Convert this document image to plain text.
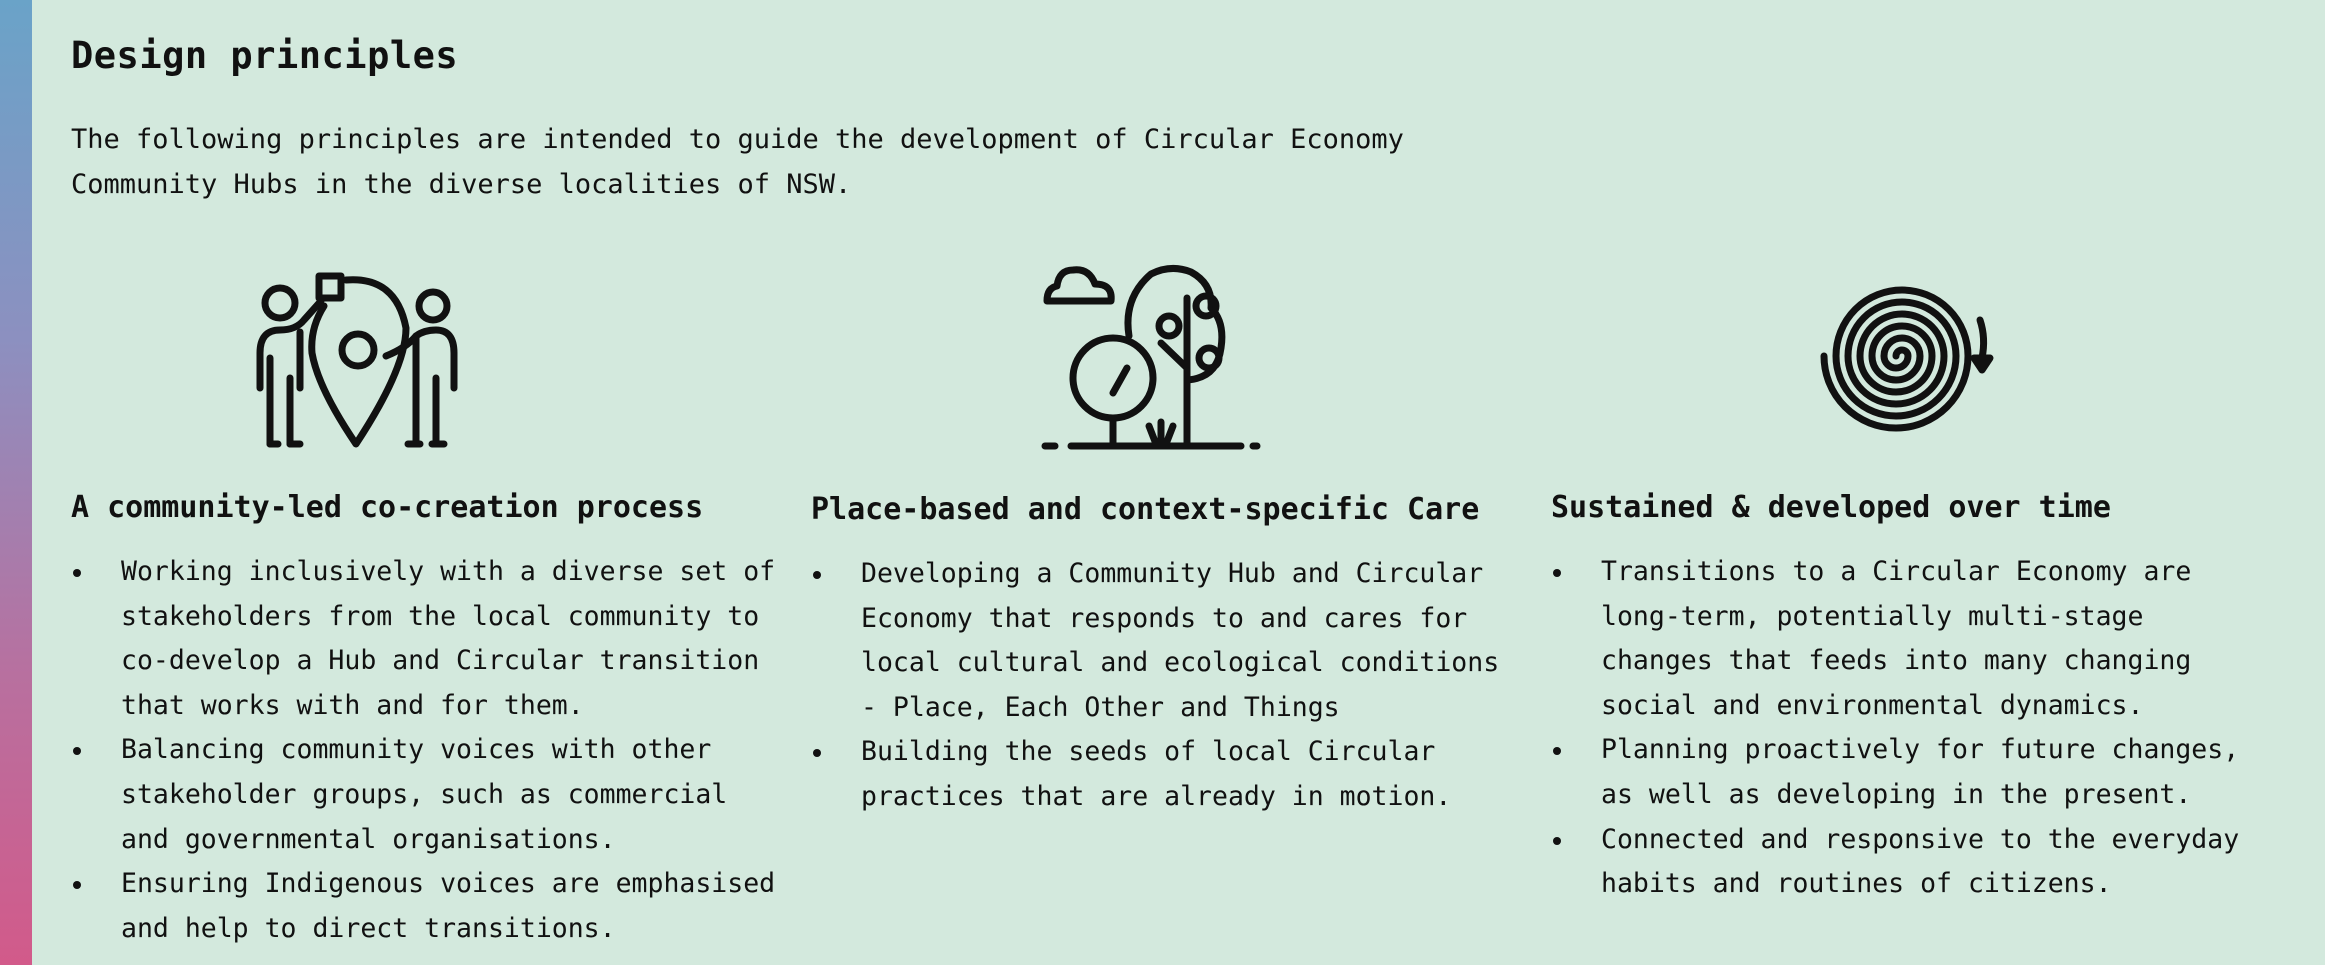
Design principles

The following principles are intended to guide the development of Circular Economy Community Hubs in the diverse localities of NSW.

A community-led co-creation process
Working inclusively with a diverse set of stakeholders from the local community to co-develop a Hub and Circular transition that works with and for them.
Balancing community voices with other stakeholder groups, such as commercial and governmental organisations.
Ensuring Indigenous voices are emphasised and help to direct transitions.
Place-based and context-specific Care
Developing a Community Hub and Circular Economy that responds to and cares for local cultural and ecological conditions - Place, Each Other and Things
Building the seeds of local Circular practices that are already in motion.
Sustained & developed over time
Transitions to a Circular Economy are long-term, potentially multi-stage changes that feeds into many changing social and environmental dynamics.
Planning proactively for future changes, as well as developing in the present.
Connected and responsive to the everyday habits and routines of citizens.
